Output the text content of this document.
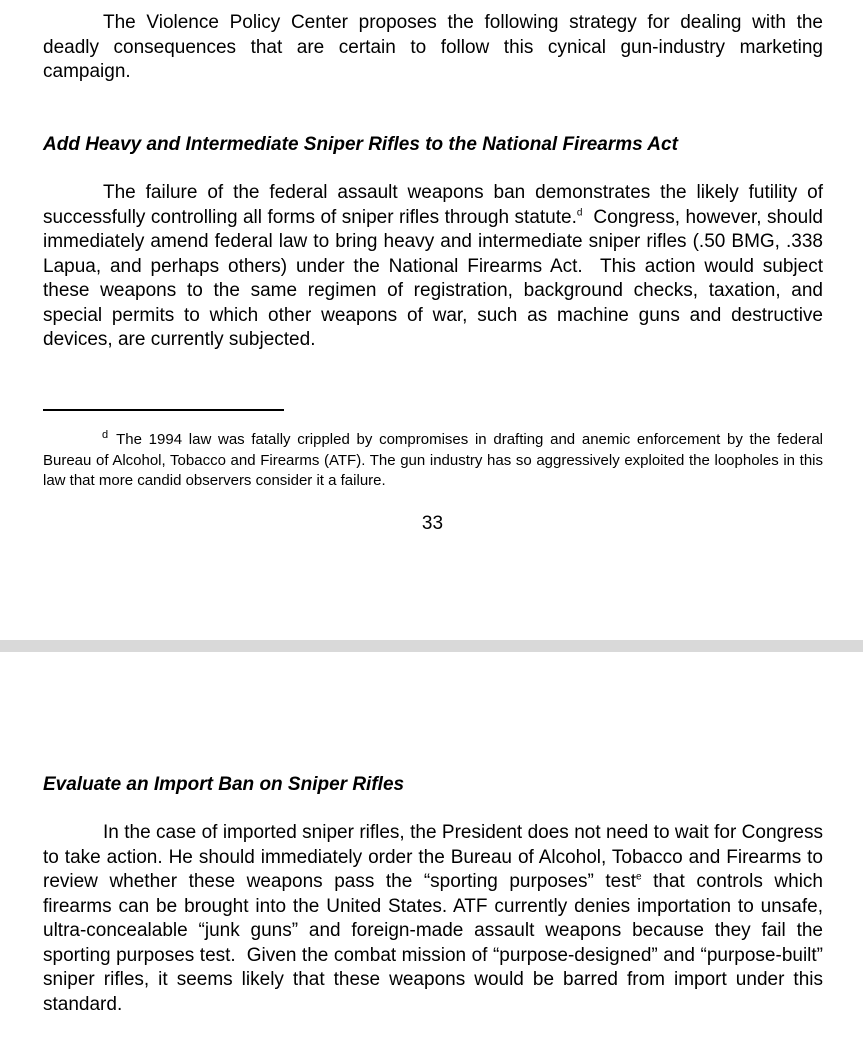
The Violence Policy Center proposes the following strategy for dealing with the deadly consequences that are certain to follow this cynical gun-industry marketing campaign.

Add Heavy and Intermediate Sniper Rifles to the National Firearms Act

The failure of the federal assault weapons ban demonstrates the likely futility of successfully controlling all forms of sniper rifles through statute.$^d$  Congress, however, should immediately amend federal law to bring heavy and intermediate sniper rifles (.50 BMG, .338 Lapua, and perhaps others) under the National Firearms Act.  This action would subject these weapons to the same regimen of registration, background checks, taxation, and special permits to which other weapons of war, such as machine guns and destructive devices, are currently subjected.

$^d$ The 1994 law was fatally crippled by compromises in drafting and anemic enforcement by the federal Bureau of Alcohol, Tobacco and Firearms (ATF). The gun industry has so aggressively exploited the loopholes in this law that more candid observers consider it a failure.

33
Evaluate an Import Ban on Sniper Rifles

In the case of imported sniper rifles, the President does not need to wait for Congress to take action. He should immediately order the Bureau of Alcohol, Tobacco and Firearms to review whether these weapons pass the “sporting purposes” test$^e$ that controls which firearms can be brought into the United States. ATF currently denies importation to unsafe, ultra-concealable “junk guns” and foreign-made assault weapons because they fail the sporting purposes test.  Given the combat mission of “purpose-designed” and “purpose-built” sniper rifles, it seems likely that these weapons would be barred from import under this standard.
